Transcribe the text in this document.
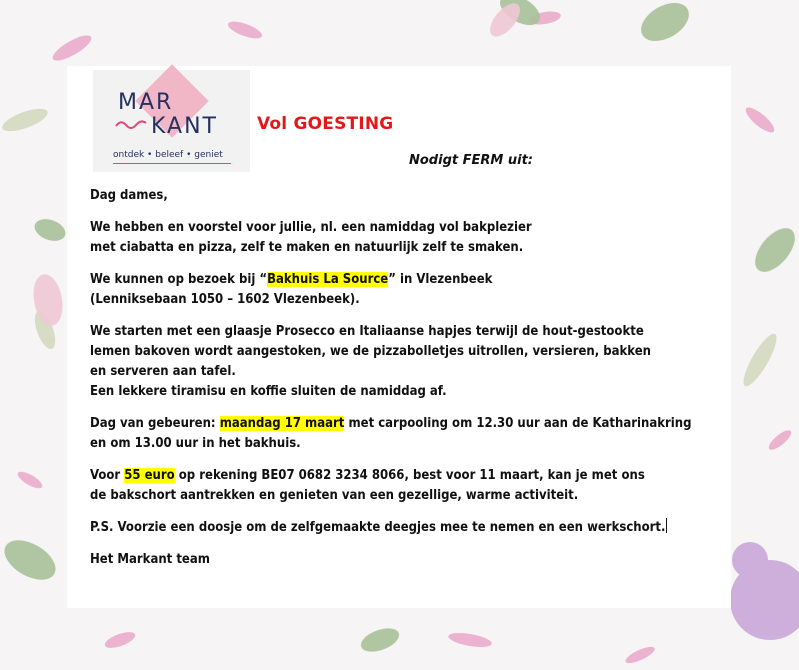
MAR
KANT
ontdek • beleef • geniet
Vol GOESTING
Nodigt FERM uit:

Dag dames,

We hebben en voorstel voor jullie, nl. een namiddag vol bakplezier
met ciabatta en pizza, zelf te maken en natuurlijk zelf te smaken.

We kunnen op bezoek bij “Bakhuis La Source” in Vlezenbeek
(Lenniksebaan 1050 – 1602 Vlezenbeek).

We starten met een glaasje Prosecco en Italiaanse hapjes terwijl de hout-gestookte
lemen bakoven wordt aangestoken, we de pizzabolletjes uitrollen, versieren, bakken
en serveren aan tafel.
Een lekkere tiramisu en koffie sluiten de namiddag af.

Dag van gebeuren: maandag 17 maart met carpooling om 12.30 uur aan de Katharinakring
en om 13.00 uur in het bakhuis.

Voor 55 euro op rekening BE07 0682 3234 8066, best voor 11 maart, kan je met ons
de bakschort aantrekken en genieten van een gezellige, warme activiteit.

P.S. Voorzie een doosje om de zelfgemaakte deegjes mee te nemen en een werkschort.

Het Markant team
